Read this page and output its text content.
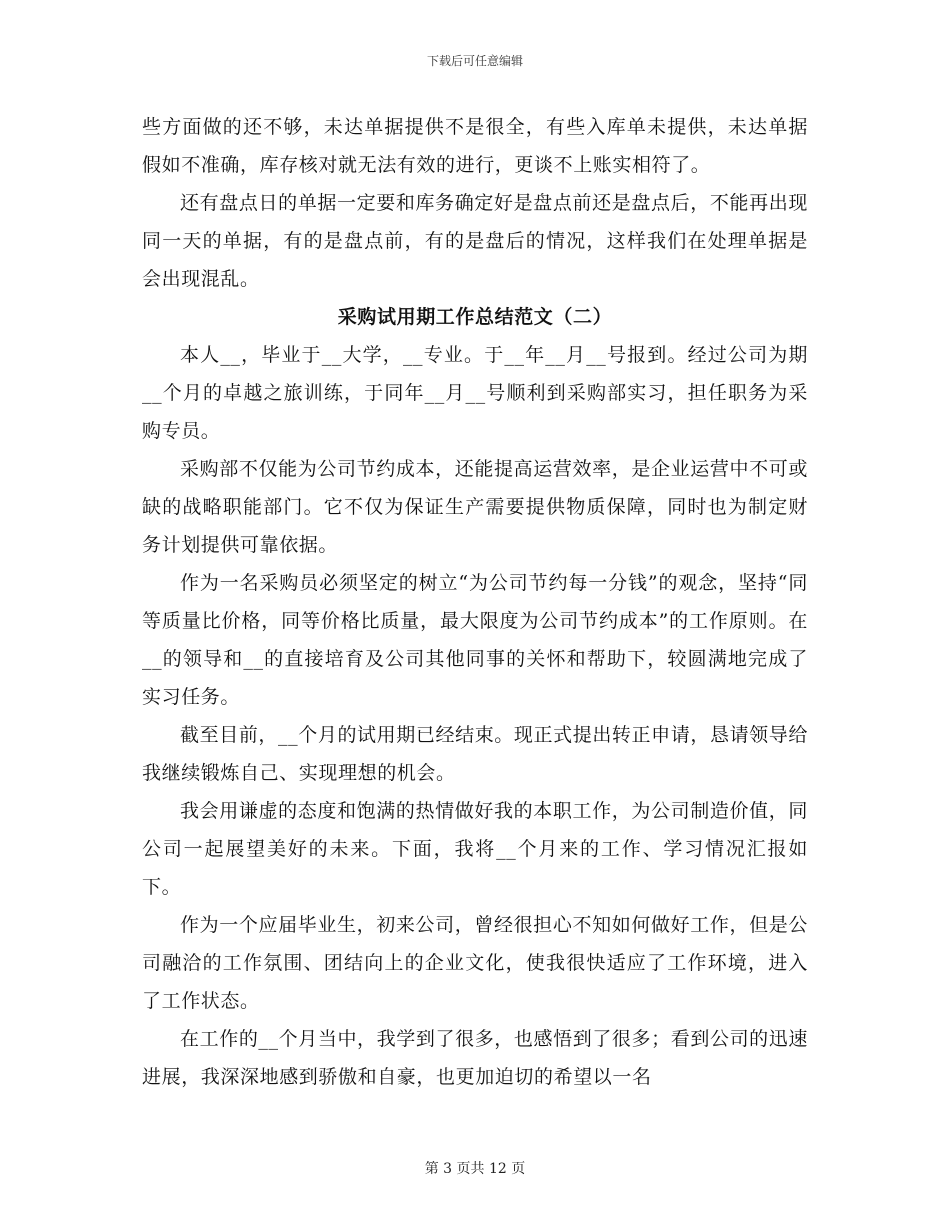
下载后可任意编辑

些方面做的还不够，未达单据提供不是很全，有些入库单未提供，未达单据假如不准确，库存核对就无法有效的进行，更谈不上账实相符了。

还有盘点日的单据一定要和库务确定好是盘点前还是盘点后，不能再出现同一天的单据，有的是盘点前，有的是盘后的情况，这样我们在处理单据是会出现混乱。

采购试用期工作总结范文（二）

本人__，毕业于__大学，__专业。于__年__月__号报到。经过公司为期__个月的卓越之旅训练，于同年__月__号顺利到采购部实习，担任职务为采购专员。

采购部不仅能为公司节约成本，还能提高运营效率，是企业运营中不可或缺的战略职能部门。它不仅为保证生产需要提供物质保障，同时也为制定财务计划提供可靠依据。

作为一名采购员必须坚定的树立“为公司节约每一分钱”的观念，坚持“同等质量比价格，同等价格比质量，最大限度为公司节约成本”的工作原则。在__的领导和__的直接培育及公司其他同事的关怀和帮助下，较圆满地完成了实习任务。

截至目前，__个月的试用期已经结束。现正式提出转正申请，恳请领导给我继续锻炼自己、实现理想的机会。

我会用谦虚的态度和饱满的热情做好我的本职工作，为公司制造价值，同公司一起展望美好的未来。下面，我将__个月来的工作、学习情况汇报如下。

作为一个应届毕业生，初来公司，曾经很担心不知如何做好工作，但是公司融洽的工作氛围、团结向上的企业文化，使我很快适应了工作环境，进入了工作状态。

在工作的__个月当中，我学到了很多，也感悟到了很多；看到公司的迅速进展，我深深地感到骄傲和自豪，也更加迫切的希望以一名

第 3 页共 12 页
